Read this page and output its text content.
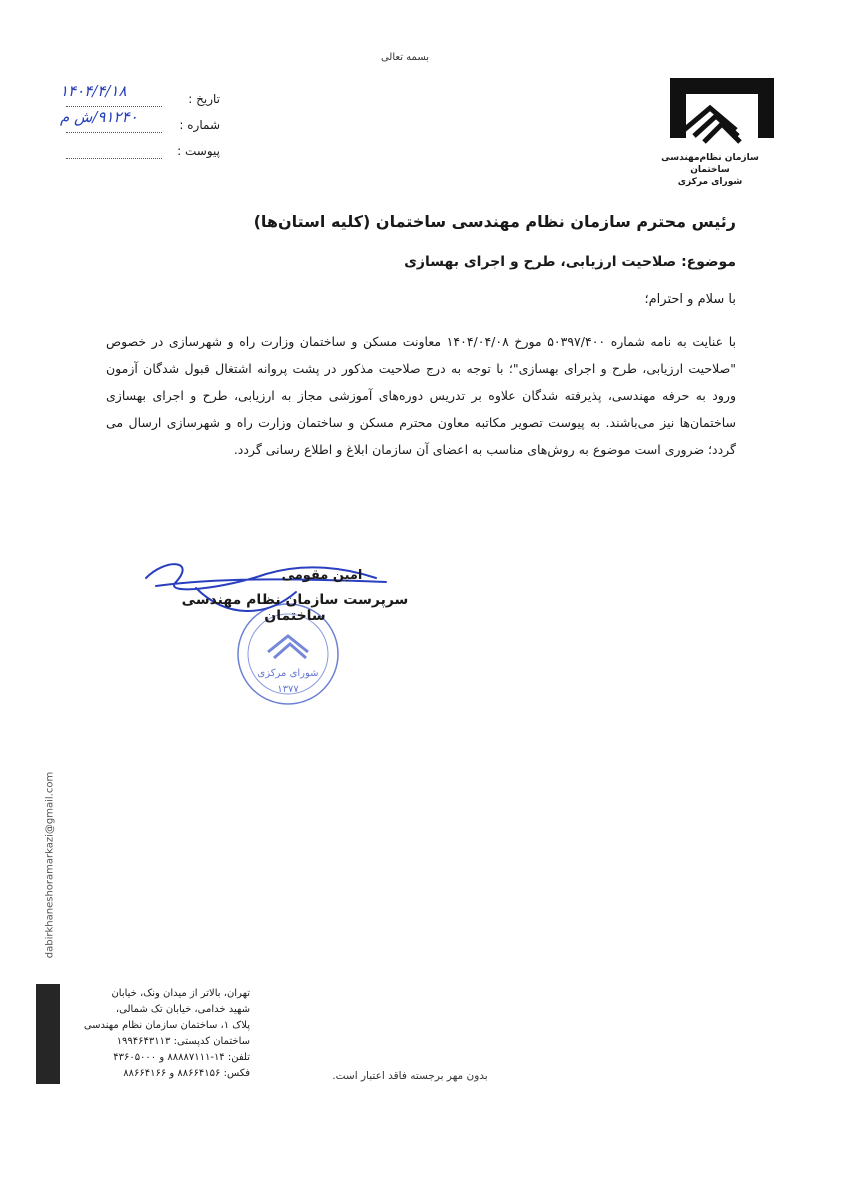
بسمه تعالی
سازمان نظام‌مهندسی ساختمان
شورای مرکزی
تاریخ :
۱۴۰۴/۴/۱۸
شماره :
۹۱۲۴۰/ش م
پیوست :
رئیس محترم سازمان نظام مهندسی ساختمان (کلیه استان‌ها)
موضوع: صلاحیت ارزیابی، طرح و اجرای بهسازی
با سلام و احترام؛
با عنایت به نامه شماره ۵۰۳۹۷/۴۰۰ مورخ ۱۴۰۴/۰۴/۰۸ معاونت مسکن و ساختمان وزارت راه و شهرسازی در خصوص "صلاحیت ارزیابی، طرح و اجرای بهسازی"؛ با توجه به درج صلاحیت مذکور در پشت پروانه اشتغال قبول شدگان آزمون ورود به حرفه مهندسی، پذیرفته شدگان علاوه بر تدریس دوره‌های آموزشی مجاز به ارزیابی، طرح و اجرای بهسازی ساختمان‌ها نیز می‌باشند. به پیوست تصویر مکاتبه معاون محترم مسکن و ساختمان وزارت راه و شهرسازی ارسال می گردد؛ ضروری است موضوع به روش‌های مناسب به اعضای آن سازمان ابلاغ و اطلاع رسانی گردد.
شورای مرکزی
۱۳۷۷
امین مقومی
سرپرست سازمان نظام مهندسی ساختمان
dabirkhaneshoramarkazi@gmail.com
تهران، بالاتر از میدان ونک، خیابان
شهید خدامی، خیابان تک شمالی،
پلاک ۱، ساختمان سازمان نظام مهندسی
ساختمان کدپستی: ۱۹۹۴۶۴۳۱۱۳
تلفن: ۱۴-۸۸۸۸۷۱۱۱ و ۴۳۶۰۵۰۰۰
فکس: ۸۸۶۶۴۱۵۶ و ۸۸۶۶۴۱۶۶	بدون مهر برجسته فاقد اعتبار است.
